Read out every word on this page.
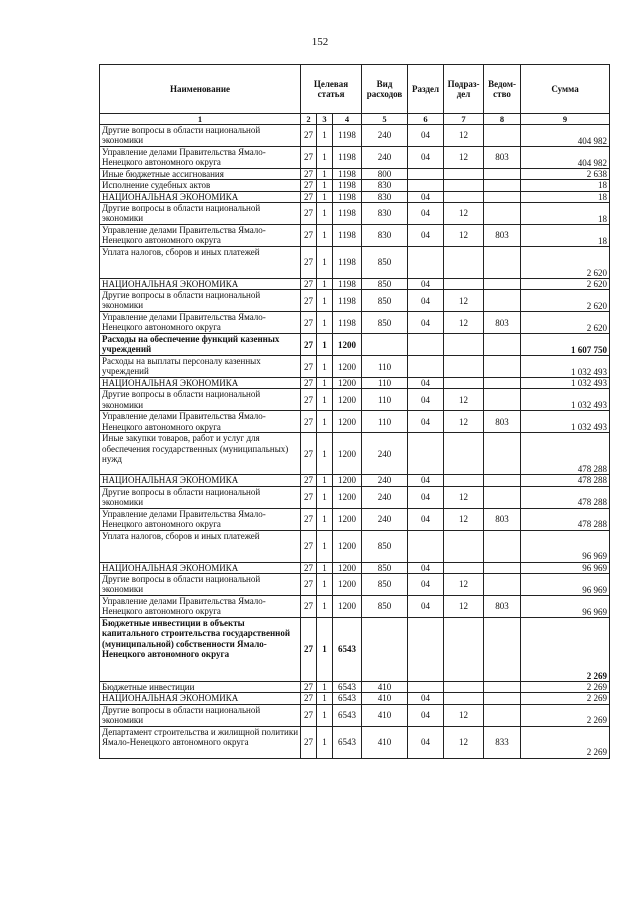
152
Наименование	Целевая статья			Вид расходов	Раздел	Подраз-дел	Ведом-ство	Сумма
1	2	3	4	5	6	7	8	9
Другие вопросы в области национальной экономики	27	1	1198	240	04	12		404 982
Управление делами Правительства Ямало-Ненецкого автономного округа	27	1	1198	240	04	12	803	404 982
Иные бюджетные ассигнования	27	1	1198	800				2 638
Исполнение судебных актов	27	1	1198	830				18
НАЦИОНАЛЬНАЯ ЭКОНОМИКА	27	1	1198	830	04			18
Другие вопросы в области национальной экономики	27	1	1198	830	04	12		18
Управление делами Правительства Ямало-Ненецкого автономного округа	27	1	1198	830	04	12	803	18
Уплата налогов, сборов и иных платежей	27	1	1198	850				2 620
НАЦИОНАЛЬНАЯ ЭКОНОМИКА	27	1	1198	850	04			2 620
Другие вопросы в области национальной экономики	27	1	1198	850	04	12		2 620
Управление делами Правительства Ямало-Ненецкого автономного округа	27	1	1198	850	04	12	803	2 620
Расходы на обеспечение функций казенных учреждений	27	1	1200					1 607 750
Расходы на выплаты персоналу казенных учреждений	27	1	1200	110				1 032 493
НАЦИОНАЛЬНАЯ ЭКОНОМИКА	27	1	1200	110	04			1 032 493
Другие вопросы в области национальной экономики	27	1	1200	110	04	12		1 032 493
Управление делами Правительства Ямало-Ненецкого автономного округа	27	1	1200	110	04	12	803	1 032 493
Иные закупки товаров, работ и услуг для обеспечения государственных (муниципальных) нужд	27	1	1200	240				478 288
НАЦИОНАЛЬНАЯ ЭКОНОМИКА	27	1	1200	240	04			478 288
Другие вопросы в области национальной экономики	27	1	1200	240	04	12		478 288
Управление делами Правительства Ямало-Ненецкого автономного округа	27	1	1200	240	04	12	803	478 288
Уплата налогов, сборов и иных платежей	27	1	1200	850				96 969
НАЦИОНАЛЬНАЯ ЭКОНОМИКА	27	1	1200	850	04			96 969
Другие вопросы в области национальной экономики	27	1	1200	850	04	12		96 969
Управление делами Правительства Ямало-Ненецкого автономного округа	27	1	1200	850	04	12	803	96 969
Бюджетные инвестиции в объекты капитального строительства государственной (муниципальной) собственности Ямало-Ненецкого автономного округа	27	1	6543					2 269
Бюджетные инвестиции	27	1	6543	410				2 269
НАЦИОНАЛЬНАЯ ЭКОНОМИКА	27	1	6543	410	04			2 269
Другие вопросы в области национальной экономики	27	1	6543	410	04	12		2 269
Департамент строительства и жилищной политики Ямало-Ненецкого автономного округа	27	1	6543	410	04	12	833	2 269
